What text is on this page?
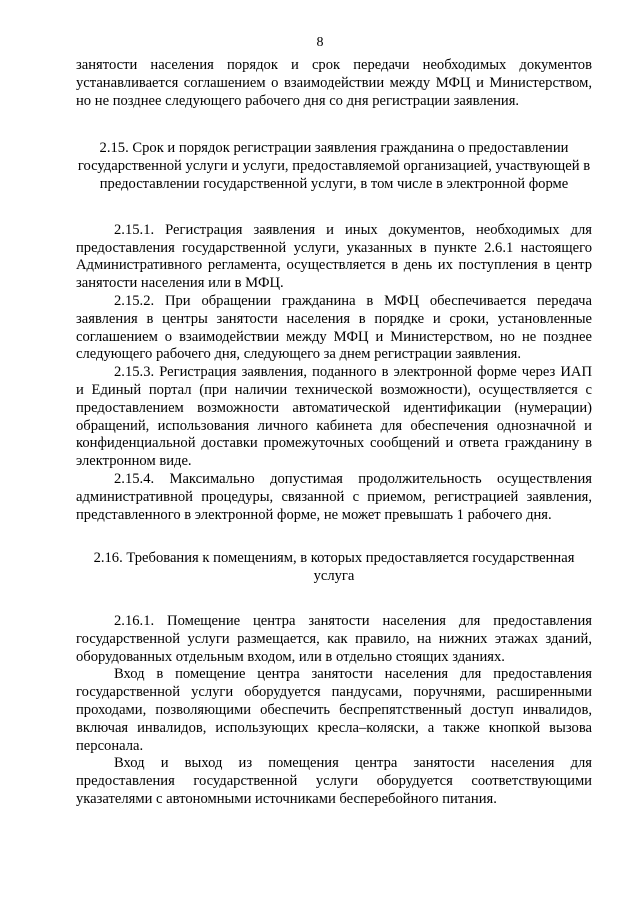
8

занятости населения порядок и срок передачи необходимых документов устанавливается соглашением о взаимодействии между МФЦ и Министерством, но не позднее следующего рабочего дня со дня регистрации заявления.

2.15. Срок и порядок регистрации заявления гражданина о предоставлении государственной услуги и услуги, предоставляемой организацией, участвующей в предоставлении государственной услуги, в том числе в электронной форме

2.15.1. Регистрация заявления и иных документов, необходимых для предоставления государственной услуги, указанных в пункте 2.6.1 настоящего Административного регламента, осуществляется в день их поступления в центр занятости населения или в МФЦ.

2.15.2. При обращении гражданина в МФЦ обеспечивается передача заявления в центры занятости населения в порядке и сроки, установленные соглашением о взаимодействии между МФЦ и Министерством, но не позднее следующего рабочего дня, следующего за днем регистрации заявления.

2.15.3. Регистрация заявления, поданного в электронной форме через ИАП и Единый портал (при наличии технической возможности), осуществляется с предоставлением возможности автоматической идентификации (нумерации) обращений, использования личного кабинета для обеспечения однозначной и конфиденциальной доставки промежуточных сообщений и ответа гражданину в электронном виде.

2.15.4. Максимально допустимая продолжительность осуществления административной процедуры, связанной с приемом, регистрацией заявления, представленного в электронной форме, не может превышать 1 рабочего дня.

2.16. Требования к помещениям, в которых предоставляется государственная услуга

2.16.1. Помещение центра занятости населения для предоставления государственной услуги размещается, как правило, на нижних этажах зданий, оборудованных отдельным входом, или в отдельно стоящих зданиях.

Вход в помещение центра занятости населения для предоставления государственной услуги оборудуется пандусами, поручнями, расширенными проходами, позволяющими обеспечить беспрепятственный доступ инвалидов, включая инвалидов, использующих кресла–коляски, а также кнопкой вызова персонала.

Вход и выход из помещения центра занятости населения для предоставления государственной услуги оборудуется соответствующими указателями с автономными источниками бесперебойного питания.
